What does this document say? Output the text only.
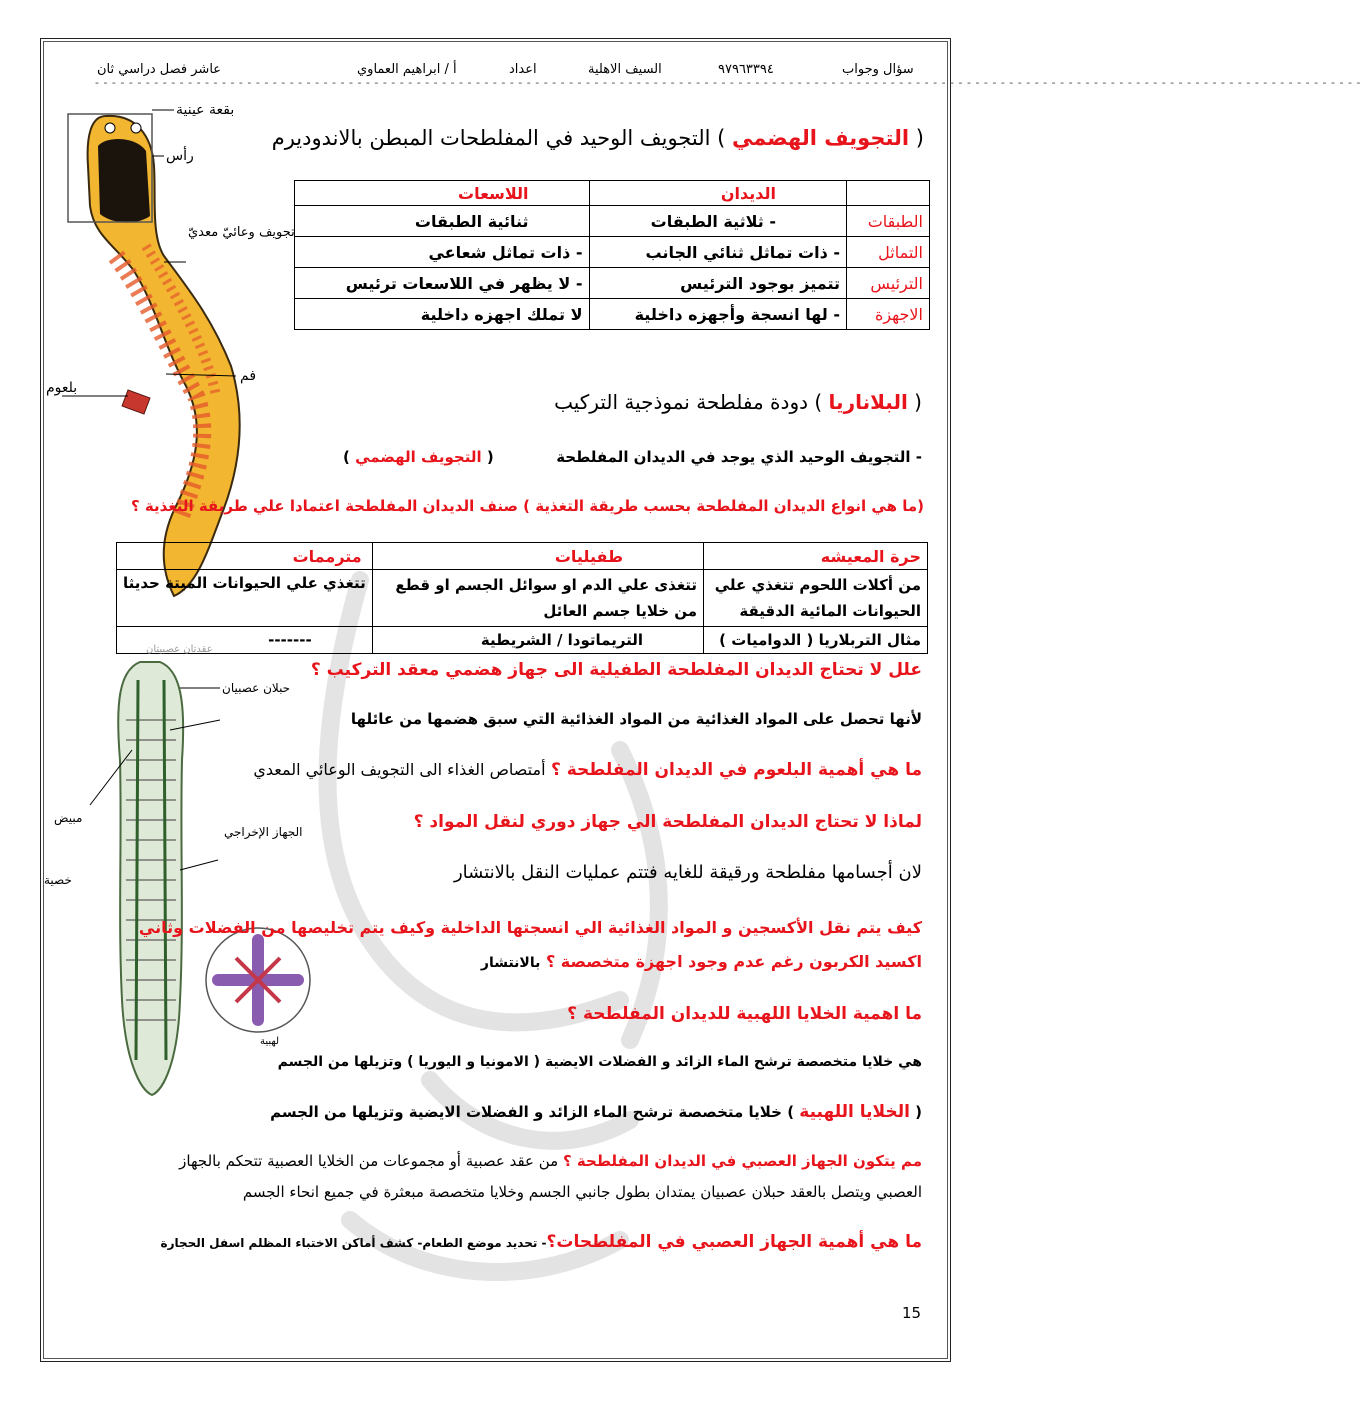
سؤال وجواب
٩٧٩٦٣٣٩٤
السيف الاهلية
اعداد
أ / ابراهيم العماوي
عاشر فصل دراسي ثان
- - - - - - - - - - - - - - - - - - - - - - - - - - - - - - - - - - - - - - - - - - - - - - - - - - - - - - - - - - - - - - - - - - - - - - - - - - - - - - - - - - - - - - - - - - - - - - - - - - - - - - - - - - - - - - - - - - - - - - - - - - - - - - - - - - - - - - - - - - - - - - - - - - - - - -
بقعة عينية
رأس
تجويف وعائيّ معديّ
فم
بلعوم
( التجويف الهضمي ) التجويف الوحيد في المفلطحات المبطن بالاندوديرم
	الديدان	اللاسعات
الطبقات	- ثلاثية الطبقات	ثنائية الطبقات
التماثل	- ذات تماثل ثنائي الجانب	- ذات تماثل شعاعي
الترئيس	تتميز بوجود الترئيس	- لا يظهر في اللاسعات ترئيس
الاجهزة	- لها انسجة وأجهزه داخلية	لا تملك اجهزه داخلية
( البلاناريا ) دودة مفلطحة نموذجية التركيب
- التجويف الوحيد الذي يوجد في الديدان المفلطحة  ( التجويف الهضمي )
(ما هي انواع الديدان المفلطحة بحسب طريقة التغذية ) صنف الديدان المفلطحة اعتمادا علي طريقة التغذية ؟
حرة المعيشه	طفيليات	مترممات
من أكلات اللحوم تتغذي علي الحيوانات المائية الدقيقة	تتغذى علي الدم او سوائل الجسم او قطع من خلايا جسم العائل	تتغذي علي الحيوانات الميتة حديثا
مثال التربلاريا ( الدواميات )	التريماتودا / الشريطية	-------
عقدتان عصبيتان
حبلان عصبيان
مبيض
خصية
الجهاز الإخراجي
لهبية
علل لا تحتاج الديدان المفلطحة الطفيلية الى جهاز هضمي معقد التركيب ؟
لأنها تحصل على المواد الغذائية من المواد الغذائية التي سبق هضمها من عائلها
ما هي أهمية البلعوم في الديدان المفلطحة ؟ أمتصاص الغذاء الى التجويف الوعائي المعدي
لماذا لا تحتاج الديدان المفلطحة الي جهاز دوري لنقل المواد ؟
لان أجسامها مفلطحة ورقيقة للغايه فتتم عمليات النقل بالانتشار
كيف يتم نقل الأكسجين و المواد الغذائية الي انسجتها الداخلية وكيف يتم تخليصها من الفضلات وثاني
اكسيد الكربون رغم عدم وجود اجهزة متخصصة ؟ بالانتشار
ما اهمية الخلايا اللهبية للديدان المفلطحة ؟
هي خلايا متخصصة ترشح الماء الزائد و الفضلات الايضية ( الامونيا و اليوريا ) وتزيلها من الجسم
( الخلايا اللهبية ) خلايا متخصصة ترشح الماء الزائد و الفضلات الايضية وتزيلها من الجسم
مم يتكون الجهاز العصبي في الديدان المفلطحة ؟ من عقد عصبية أو مجموعات من الخلايا العصبية تتحكم بالجهاز
العصبي ويتصل بالعقد حبلان عصبيان يمتدان بطول جانبي الجسم وخلايا متخصصة مبعثرة في جميع انحاء الجسم
ما هي أهمية الجهاز العصبي في المفلطحات؟- تحديد موضع الطعام- كشف أماكن الاختباء المظلم اسفل الحجارة
15
